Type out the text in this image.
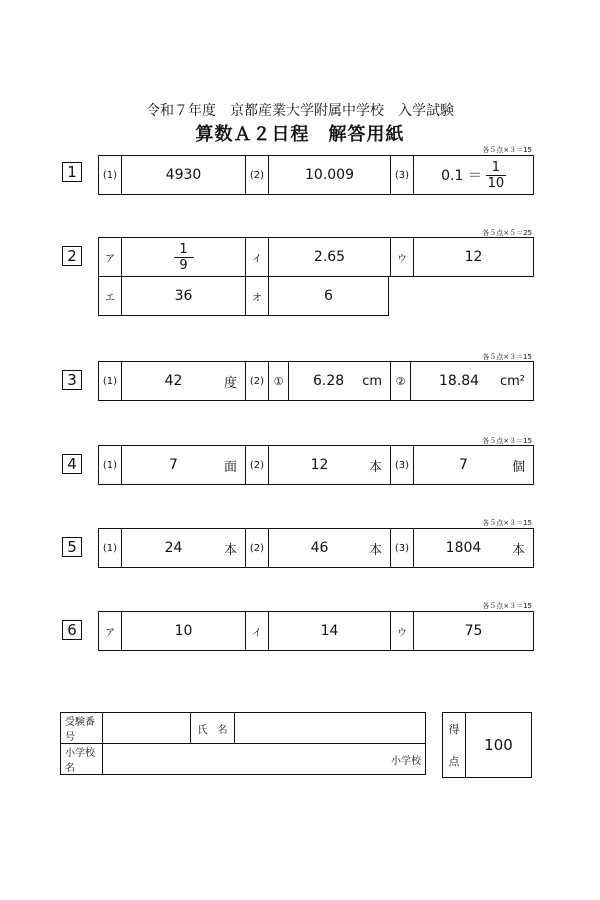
令和７年度　京都産業大学附属中学校　入学試験
算数Ａ２日程　解答用紙
各５点×３＝15
1	(1)	4930	(2)	10.009	(3) $0.1 = \frac{1}{10}$
各５点×５＝25
2	ア	$\frac{1}{9}$	イ	2.65	ウ	12
エ	36	オ	6
各５点×３＝15
3	(1)	42	度	(2) ①	6.28 cm	②	18.84 cm²
各５点×３＝15
4	(1)	7	面	(2)	12	本	(3)	7	個
各５点×３＝15
5	(1)	24	本	(2)	46	本	(3)	1804 本
各５点×３＝15
6	ア	10	イ	14	ウ	75
受験番号		氏　名	
小学校名	小学校		
得
点
100
